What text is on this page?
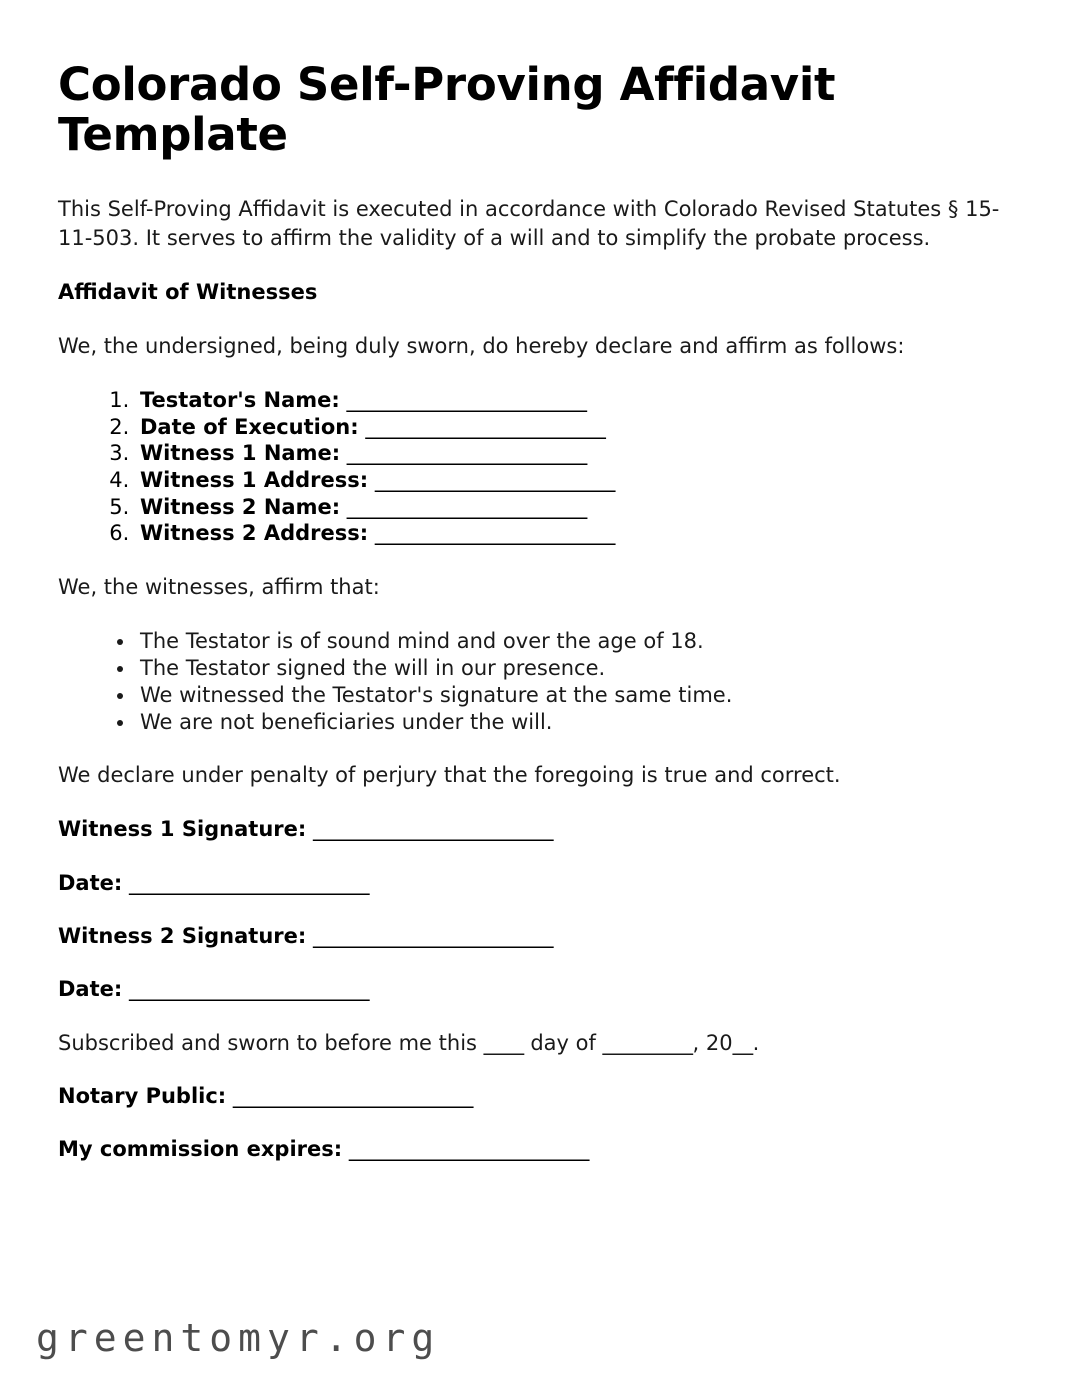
Colorado Self-Proving Affidavit Template

This Self-Proving Affidavit is executed in accordance with Colorado Revised Statutes § 15-11-503. It serves to affirm the validity of a will and to simplify the probate process.

Affidavit of Witnesses

We, the undersigned, being duly sworn, do hereby declare and affirm as follows:

1. Testator's Name: ________________________
2. Date of Execution: ________________________
3. Witness 1 Name: ________________________
4. Witness 1 Address: ________________________
5. Witness 2 Name: ________________________
6. Witness 2 Address: ________________________

We, the witnesses, affirm that:

• The Testator is of sound mind and over the age of 18.
• The Testator signed the will in our presence.
• We witnessed the Testator's signature at the same time.
• We are not beneficiaries under the will.

We declare under penalty of perjury that the foregoing is true and correct.

Witness 1 Signature: ________________________

Date: ________________________

Witness 2 Signature: ________________________

Date: ________________________

Subscribed and sworn to before me this ____ day of _________, 20__.

Notary Public: ________________________

My commission expires: ________________________

greentomyr.org
